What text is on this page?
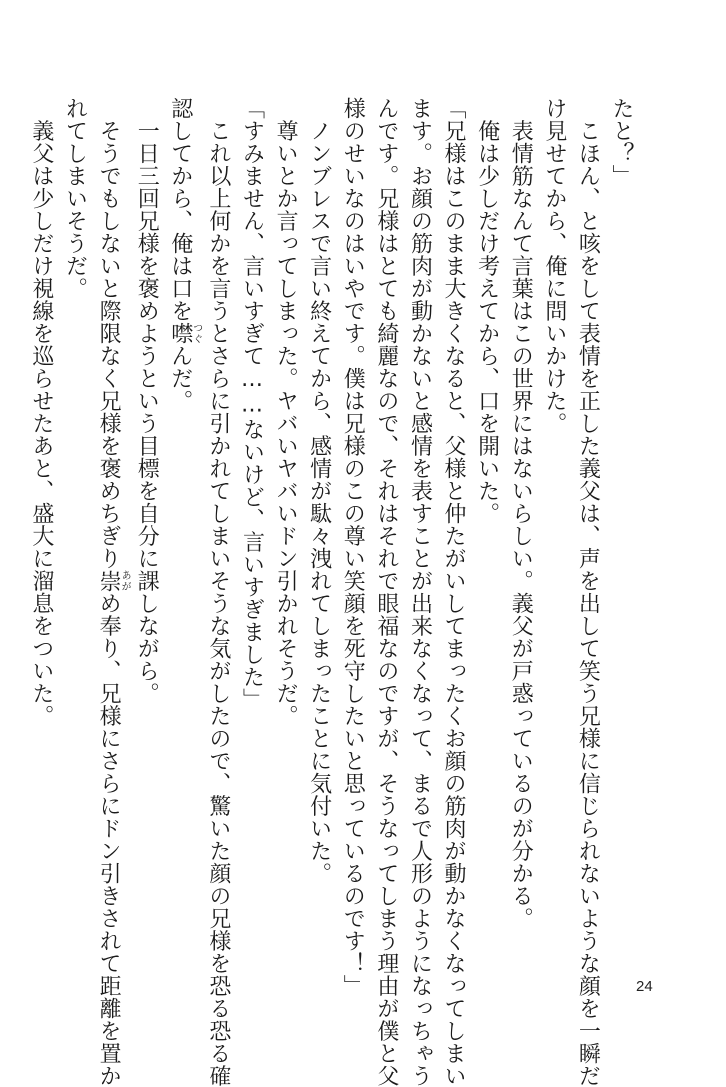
たと？」

　こほん、と咳をして表情を正した義父は、声を出して笑う兄様に信じられないような顔を一瞬だ

け見せてから、俺に問いかけた。

　表情筋なんて言葉はこの世界にはないらしい。義父が戸惑っているのが分かる。

　俺は少しだけ考えてから、口を開いた。

「兄様はこのまま大きくなると、父様と仲たがいしてまったくお顔の筋肉が動かなくなってしまい

ます。お顔の筋肉が動かないと感情を表すことが出来なくなって、まるで人形のようになっちゃう

んです。兄様はとても綺麗なので、それはそれで眼福なのですが、そうなってしまう理由が僕と父

様のせいなのはいやです。僕は兄様のこの尊い笑顔を死守したいと思っているのです！」

　ノンブレスで言い終えてから、感情が駄々洩れてしまったことに気付いた。

　尊いとか言ってしまった。ヤバいヤバいドン引かれそうだ。

「すみません、言いすぎて……ないけど、言いすぎました」

　これ以上何かを言うとさらに引かれてしまいそうな気がしたので、驚いた顔の兄様を恐る恐る確

認してから、俺は口を噤つぐんだ。

　一日三回兄様を褒めようという目標を自分に課しながら。

　そうでもしないと際限なく兄様を褒めちぎり崇あがめ奉り、兄様にさらにドン引きされて距離を置か

れてしまいそうだ。

　義父は少しだけ視線を巡らせたあと、盛大に溜息をついた。

24
